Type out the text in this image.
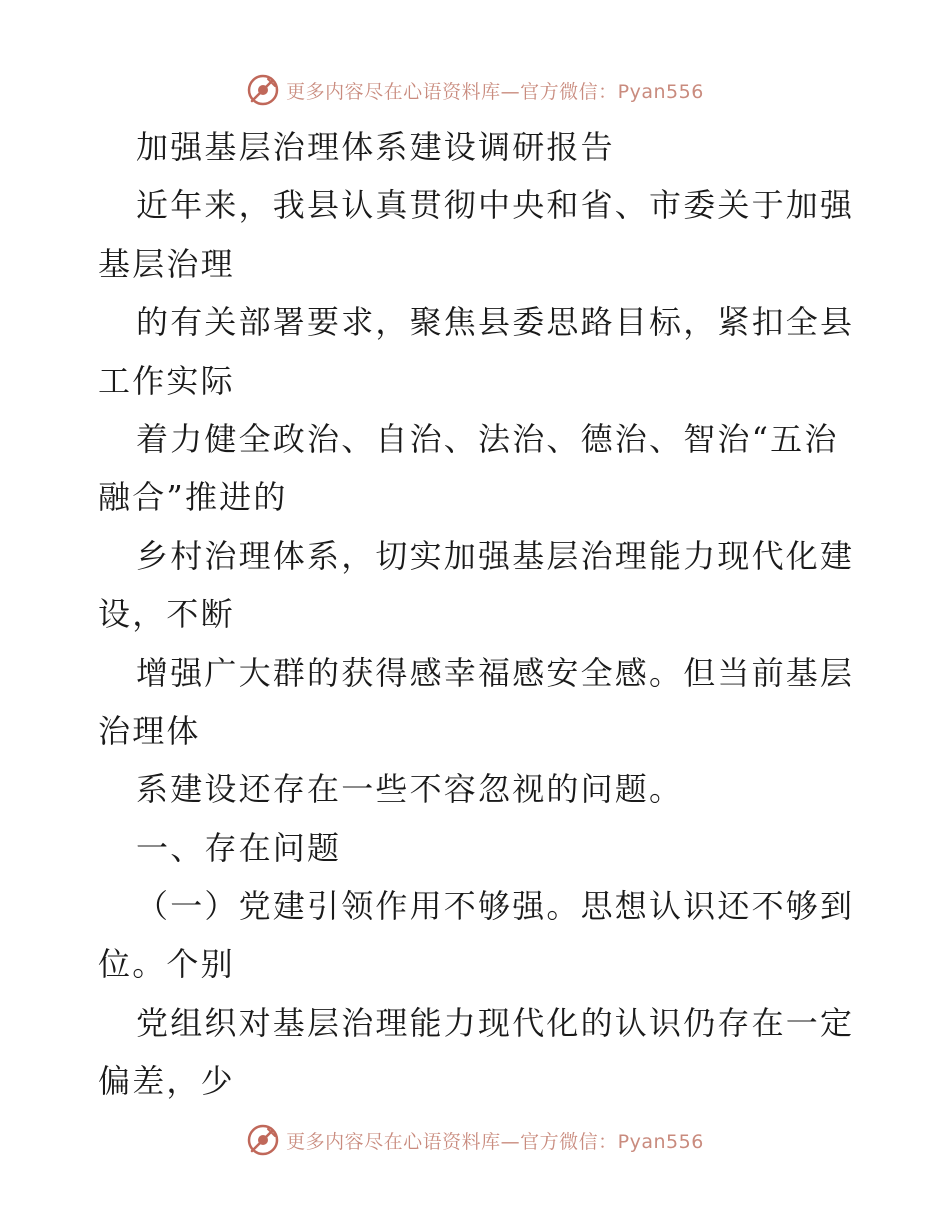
更多内容尽在心语资料库—官方微信：Pyan556
加强基层治理体系建设调研报告
近年来，我县认真贯彻中央和省、市委关于加强
基层治理
的有关部署要求，聚焦县委思路目标，紧扣全县
工作实际
着力健全政治、自治、法治、德治、智治“五治
融合”推进的
乡村治理体系，切实加强基层治理能力现代化建
设，不断
增强广大群的获得感幸福感安全感。但当前基层
治理体
系建设还存在一些不容忽视的问题。
一、存在问题
（一）党建引领作用不够强。思想认识还不够到
位。个别
党组织对基层治理能力现代化的认识仍存在一定
偏差，少
更多内容尽在心语资料库—官方微信：Pyan556
